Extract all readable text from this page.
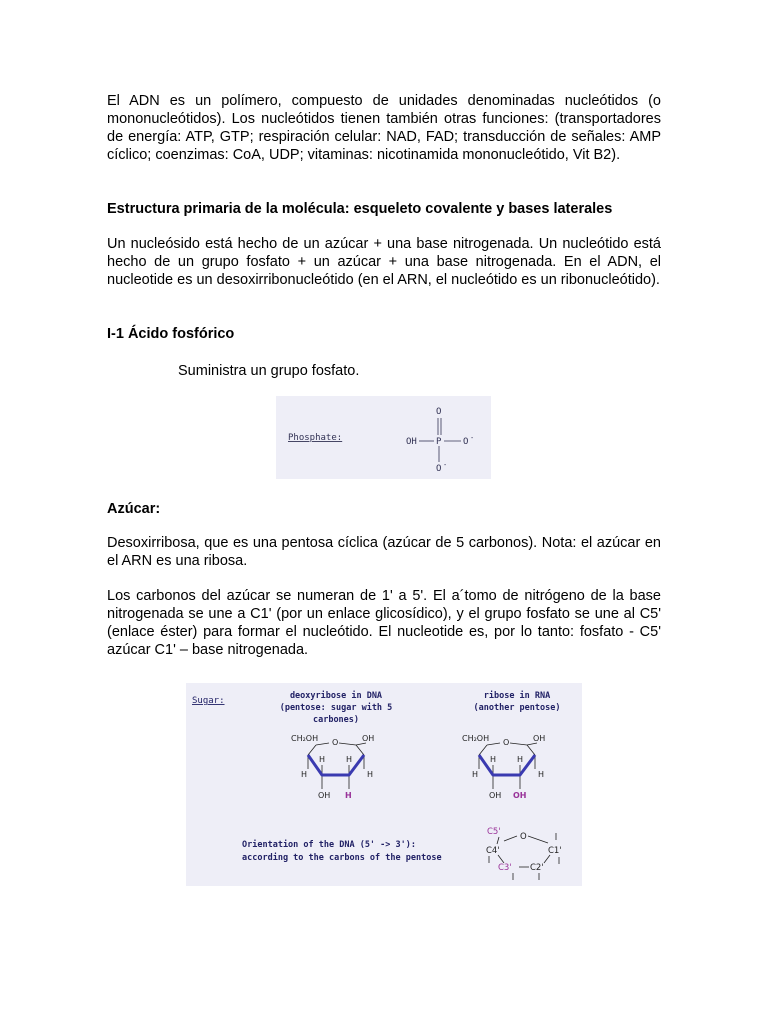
El ADN es un polímero, compuesto de unidades denominadas nucleótidos (o mononucleótidos). Los nucleótidos tienen también otras funciones: (transportadores de energía: ATP, GTP; respiración celular: NAD, FAD; transducción de señales: AMP cíclico; coenzimas: CoA, UDP; vitaminas: nicotinamida mononucleótido, Vit B2).

Estructura primaria de la molécula: esqueleto covalente y bases laterales

Un nucleósido está hecho de un azúcar + una base nitrogenada. Un nucleótido está hecho de un grupo fosfato + un azúcar + una base nitrogenada. En el ADN, el nucleotide es un desoxirribonucleótido (en el ARN, el nucleótido es un ribonucleótido).

I-1 Ácido fosfórico

Suministra un grupo fosfato.

Phosphate:
O
OH P O -
O -
Azúcar:

Desoxirribosa, que es una pentosa cíclica (azúcar de 5 carbonos). Nota: el azúcar en el ARN es una ribosa.

Los carbonos del azúcar se numeran de 1' a 5'. El a´tomo de nitrógeno de la base nitrogenada se une a C1' (por un enlace glicosídico), y el grupo fosfato se une al C5' (enlace éster) para formar el nucleótido. El nucleotide es, por lo tanto: fosfato - C5' azúcar C1' – base nitrogenada.

Sugar:	deoxyribose in DNA
(pentose: sugar with 5
carbones)
ribose in RNA
(another pentose)
CH₂OH O	OH
H	H
H	H
OH H
CH₂OH O	OH
H	H
H	H
OH OH
Orientation of the DNA (5' -> 3'):
according to the carbons of the pentose
C5' O
C4'	C1'
C3' C2'
